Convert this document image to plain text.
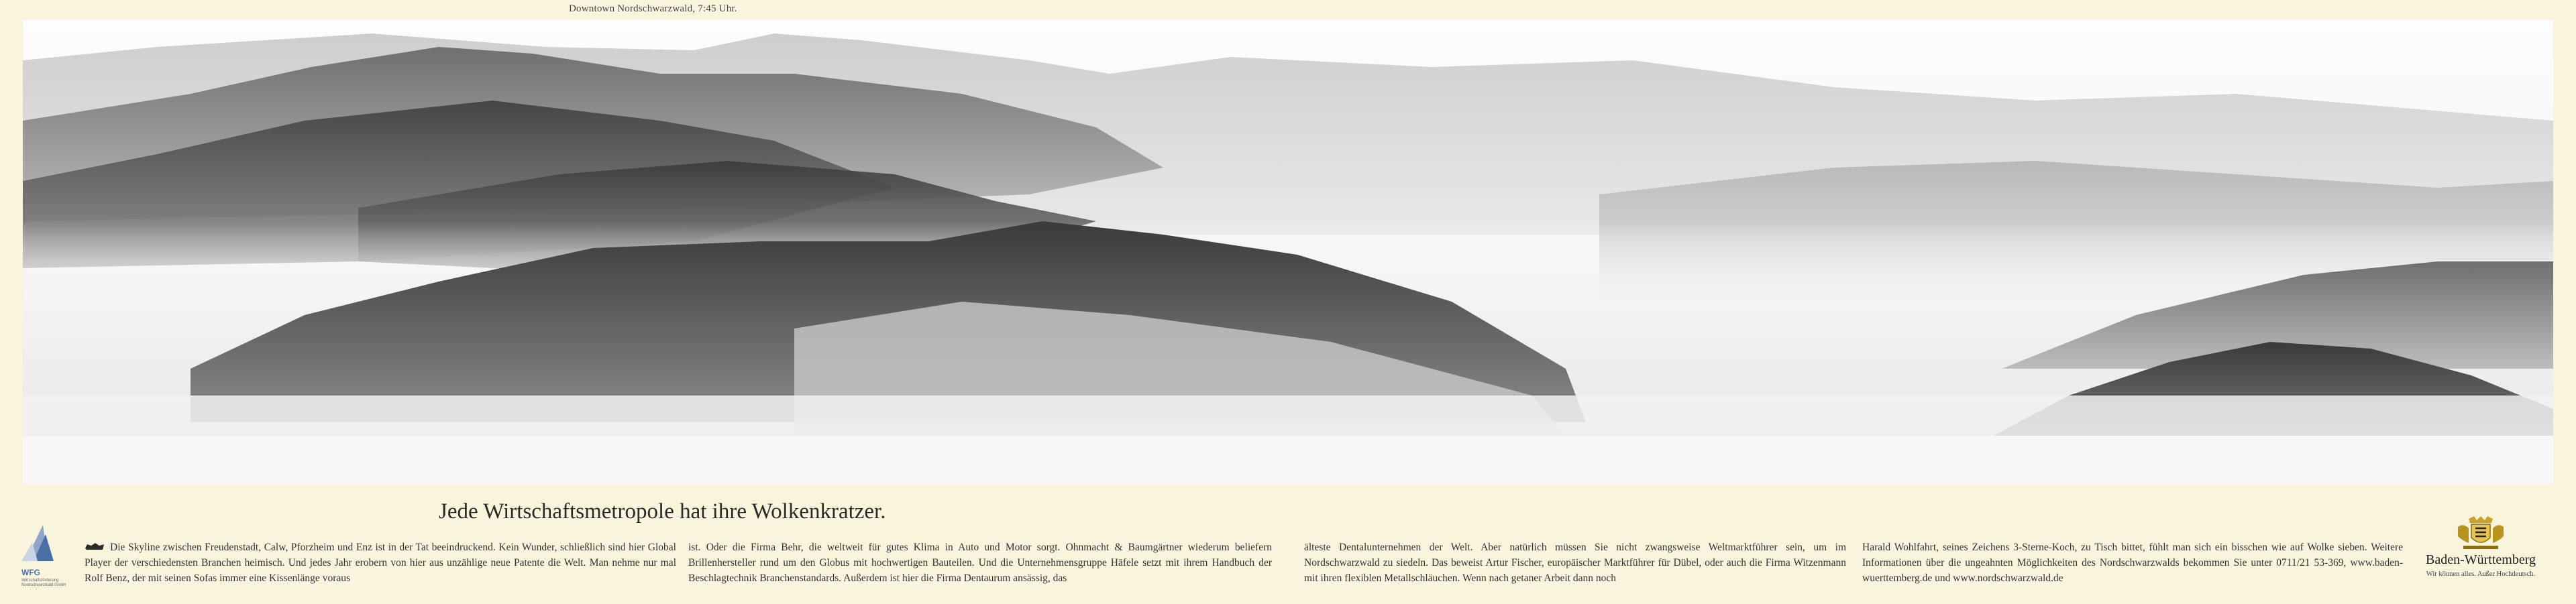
Downtown Nordschwarzwald, 7:45 Uhr.
Jede Wirtschaftsmetropole hat ihre Wolkenkratzer.
WFG
Wirtschaftsförderung Nordschwarzwald GmbH
Die Skyline zwischen Freudenstadt, Calw, Pforzheim und Enz ist in der Tat beeindruckend. Kein Wunder, schließlich sind hier Global Player der verschiedensten Branchen heimisch. Und jedes Jahr erobern von hier aus unzählige neue Patente die Welt. Man nehme nur mal Rolf Benz, der mit seinen Sofas immer eine Kissenlänge voraus
ist. Oder die Firma Behr, die weltweit für gutes Klima in Auto und Motor sorgt. Ohnmacht & Baumgärtner wiederum beliefern Brillenhersteller rund um den Globus mit hochwertigen Bauteilen. Und die Unternehmensgruppe Häfele setzt mit ihrem Handbuch der Beschlagtechnik Branchenstandards. Außerdem ist hier die Firma Dentaurum ansässig, das
älteste Dentalunternehmen der Welt. Aber natürlich müssen Sie nicht zwangsweise Weltmarktführer sein, um im Nordschwarzwald zu siedeln. Das beweist Artur Fischer, europäischer Marktführer für Dübel, oder auch die Firma Witzenmann mit ihren flexiblen Metallschläuchen. Wenn nach getaner Arbeit dann noch
Harald Wohlfahrt, seines Zeichens 3-Sterne-Koch, zu Tisch bittet, fühlt man sich ein bisschen wie auf Wolke sieben. Weitere Informationen über die ungeahnten Möglichkeiten des Nordschwarzwalds bekommen Sie unter 0711/21 53-369, www.baden-wuerttemberg.de und www.nordschwarzwald.de
Baden-Württemberg
Wir können alles. Außer Hochdeutsch.
